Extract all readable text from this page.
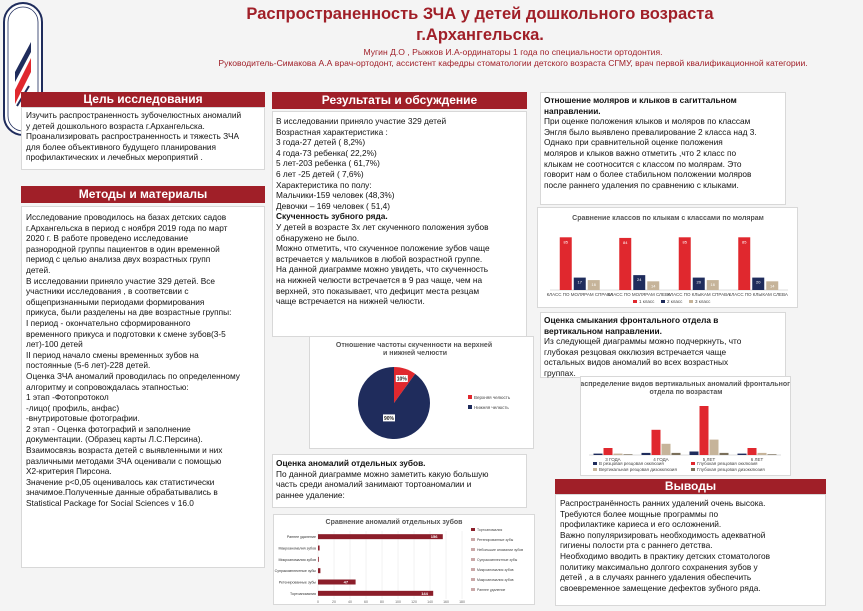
Распространенность ЗЧА у детей дошкольного возраста
г.Архангельска.
Мугин Д.О , Рыжков И.А-ординаторы 1 года по специальности ортодонтия.
Руководитель-Симакова А.А врач-ортодонт, ассистент кафедры стоматологии детского возраста СГМУ, врач первой квалификационной категории.
Цель исследования

Изучить распространенность зубочелюстных аномалий

у детей дошкольного возраста г.Архангельска.

Проанализировать распространенность и тяжесть ЗЧА

для более объективного будущего планирования

профилактических и лечебных мероприятий .

Методы и материалы

Исследование проводилось на базах детских садов

г.Архангельска в период с ноября 2019 года по март

2020 г. В работе проведено исследование

разнородной группы пациентов в один временной

период с целью анализа двух возрастных групп

детей.

В исследовании приняло участие 329 детей. Все

участники исследования , в соответсвии с

общепризнанными периодами формирования

прикуса, были разделены на две возрастные группы:

I период - окончательно сформированного

временного прикуса и подготовки к смене зубов(3-5

лет)-100 детей

II период начало смены временных зубов на

постоянные (5-6 лет)-228 детей.

Оценка ЗЧА аномалий проводилась по определенному

алгоритму и сопровождалась этапностью:

1 этап -Фотопротокол

-лицо( профиль, анфас)

-внутриротовые фотографии.

2 этап - Оценка фотографий и заполнение

документации. (Образец карты Л.С.Персина).

Взаимосвязь возраста детей с выявленными и них

различными методами ЗЧА оценивали с помощью

X2-критерия Пирсона.

Значение p<0,05 оценивалось как статистически

значимое.Полученные данные обрабатывались в

Statistical Package for Social Sciences v 16.0

Результаты и обсуждение

В исследовании приняло участие 329 детей

Возрастная характеристика :

3 года-27 детей ( 8,2%)

4 года-73 ребенка( 22,2%)

5 лет-203 ребенка ( 61,7%)

6 лет -25 детей ( 7,6%)

Характеристика по полу:

Мальчики-159 человек (48,3%)

Девочки – 169 человек ( 51,4)

Скученность зубного ряда.

У детей в возрасте 3х лет скученного положения зубов

обнаружено не было.

Можно отметить, что скученное положение зубов чаще

встречается у мальчиков в любой возрастной группе.

На данной диаграмме можно увидеть, что скученность

на нижней челюсти встречается в 9 раз чаще, чем на

верхней, это показывает, что дефицит места резцам

чаще встречается на нижней челюсти.

Отношение частоты скученности на верхней и нижней челюсти
10%
Верхняя челюсть
90%
Нижняя челюсть

Оценка аномалий отдельных зубов.

По данной диаграмме можно заметить какую большую

часть среди аномалий занимают тортоаномалии и

раннее удаление:

Сравнение аномалий отдельных зубов
0	20	40	60	80	100	120	140	160	180
Раннее удаление	156
Макроаномалия зубов
Микроаномалия зубов
Супракомплектные зубы
Ретенированные зубы	47
Тортоаномалия	144
Тортоаномалия
Ретенированные зубы
Небольшие аномалии зубов
Супракомплектные зубы
Микроаномалия зубов
Макроаномалия зубов
Раннее удаление

Отношение моляров и клыков в сагиттальном

направлении.

При оценке положения клыков и моляров по классам

Энгля было выявлено превалирование 2 класса над 3.

Однако при сравнительной оценке положения

моляров и клыков важно отметить ,что 2 класс по

клыкам не соотносится с классом по молярам. Это

говорит нам о более стабильном положении моляров

после раннего удаления по сравнению с клыками.

Сравнение классов по клыкам с классами по молярам
85
17 16
КЛАСС ПО МОЛЯРАМ СПРАВА
84
24
14
КЛАСС ПО МОЛЯРАМ СЛЕВА
85
20 16
КЛАСС ПО КЛЫКАМ СПРАВА
85
20
14
КЛАСС ПО КЛЫКАМ СЛЕВА
1 класс	2 класс	3 класс

Оценка смыкания фронтального отдела в

вертикальном направлении.

Из следующей диаграммы можно подчеркнуть, что

глубокая резцовая окклюзия встречается чаще

остальных видов аномалий во всех возрастных

группах.

Распределение видов вертикальных аномалий фронтального отдела по возрастам
3 ГОДА	4 ГОДА	5 ЛЕТ	6 ЛЕТ
В резцовая резцовая окклюзия	Глубокая резцовая окклюзия
Вертикальная резцовая дизокклюзия	Глубокая резцовая дизокклюзия
Выводы

Распространённость ранних удалений очень высока.

Требуются более мощные программы по

профилактике кариеса и его осложнений.

Важно популяризировать необходимость адекватной

гигиены полости рта с раннего детства.

Необходимо вводить в практику детских стоматологов

политику максимально долгого сохранения зубов у

детей , а в случаях раннего удаления обеспечить

своевременное замещение дефектов зубного ряда.
